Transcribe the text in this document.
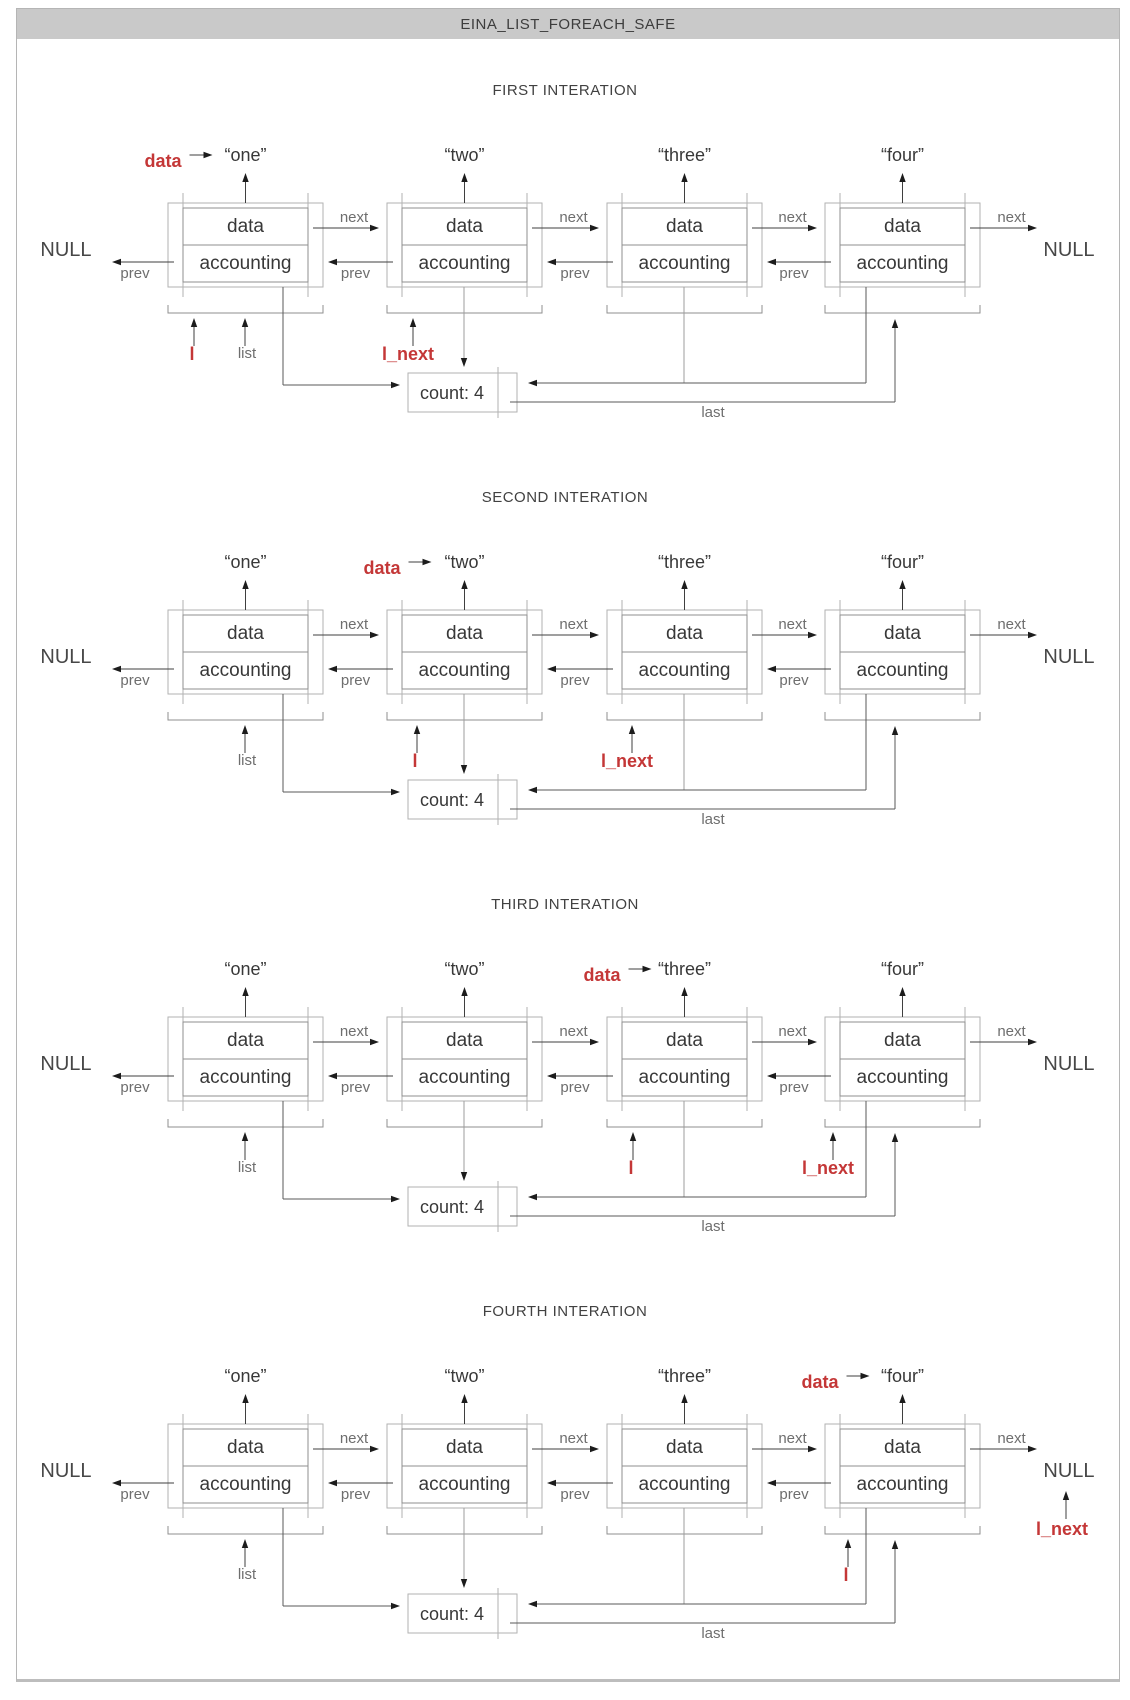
EINA_LIST_FOREACH_SAFE
FIRST INTERATION
NULL	NULL
data
accounting
“one”
next
prev
data
accounting
“two”
next
prev
data
accounting
“three”
next
prev
data
accounting
“four”
next
prev
count: 4
last
list
l	l_next
data
SECOND INTERATION
NULL	NULL
data
accounting
“one”
next
prev
data
accounting
“two”
next
prev
data
accounting
“three”
next
prev
data
accounting
“four”
next
prev
count: 4
last
list	l	l_next
data
THIRD INTERATION
NULL	NULL
data
accounting
“one”
next
prev
data
accounting
“two”
next
prev
data
accounting
“three”
next
prev
data
accounting
“four”
next
prev
count: 4
last
list	l	l_next
data
FOURTH INTERATION
NULL	NULL
data
accounting
“one”
next
prev
data
accounting
“two”
next
prev
data
accounting
“three”
next
prev
data
accounting
“four”
next
prev
count: 4
last
list	l
l_next
data
